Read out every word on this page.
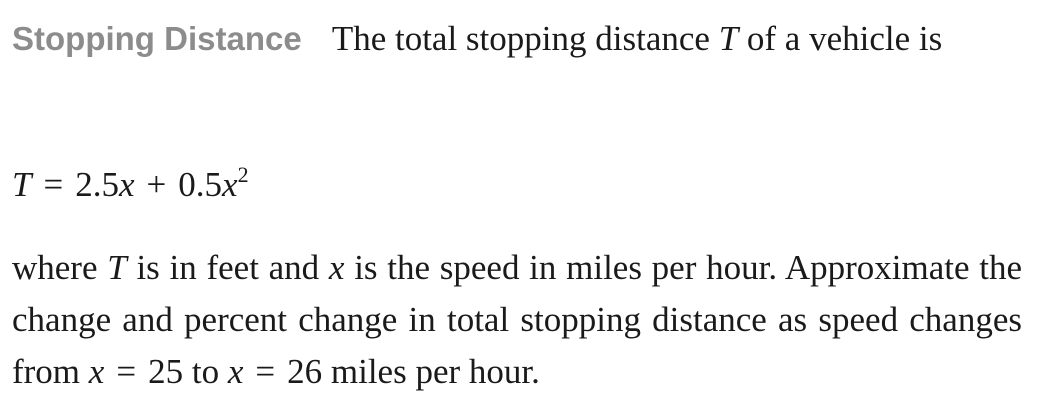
Stopping Distance The total stopping distance T of a vehicle is

$T = 2.5x + 0.5x^2$

where T is in feet and x is the speed in miles per hour. Approximate the change and percent change in total stopping distance as speed changes from x = 25 to x = 26 miles per hour.
